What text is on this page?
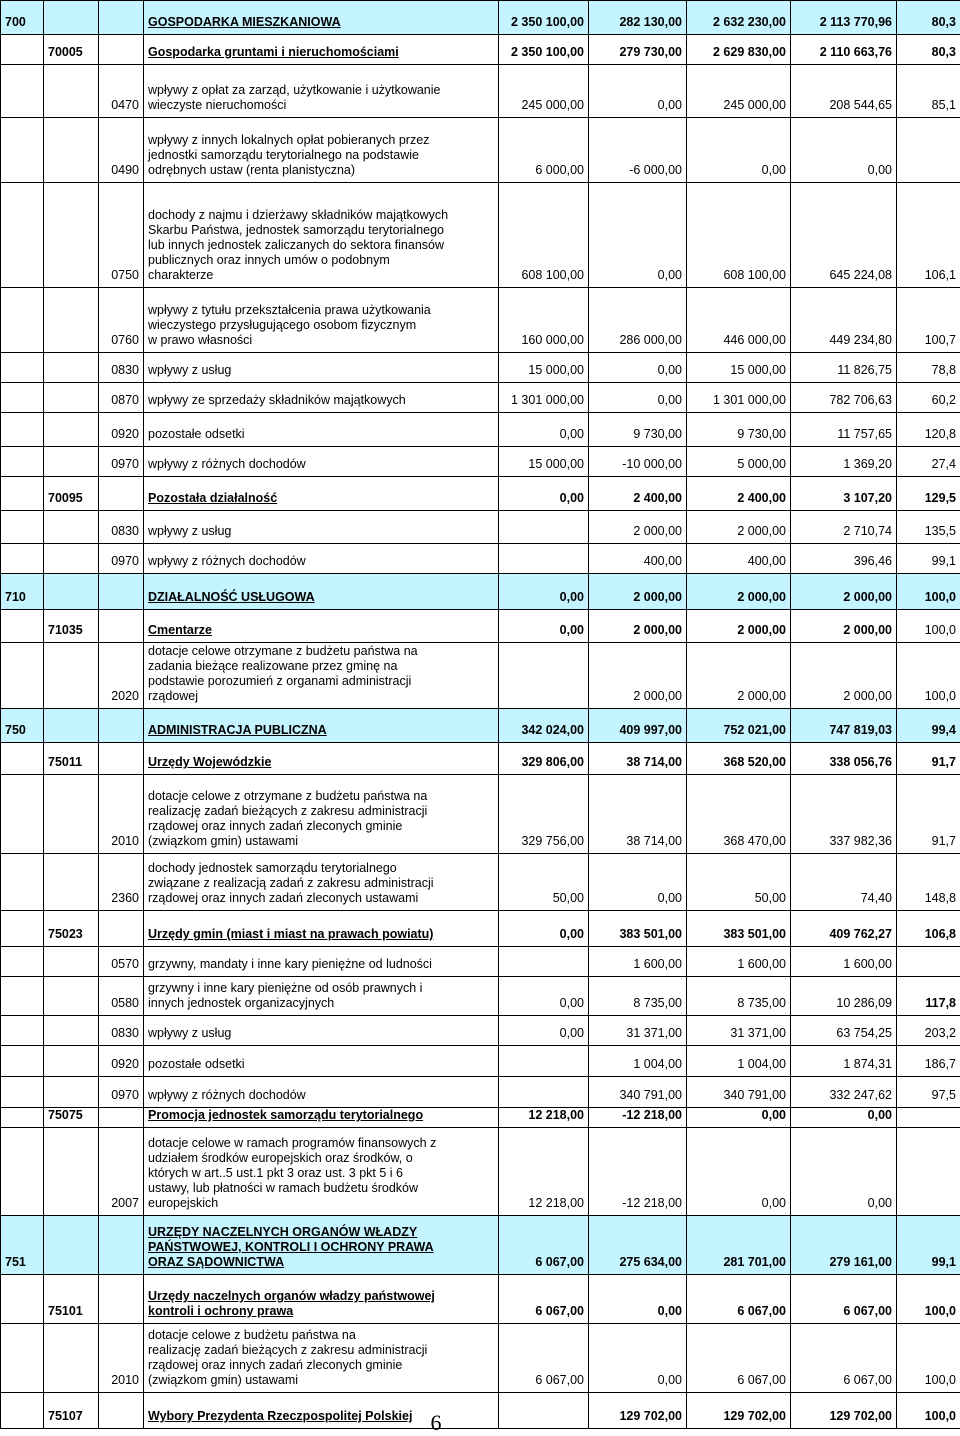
700			GOSPODARKA MIESZKANIOWA	2 350 100,00	282 130,00	2 632 230,00	2 113 770,96	80,3
	70005		Gospodarka gruntami i nieruchomościami	2 350 100,00	279 730,00	2 629 830,00	2 110 663,76	80,3
		0470	wpływy z opłat za zarząd, użytkowanie i użytkowanie
wieczyste nieruchomości	245 000,00	0,00	245 000,00	208 544,65	85,1
		0490	wpływy z innych lokalnych opłat pobieranych przez
jednostki samorządu terytorialnego na podstawie
odrębnych ustaw (renta planistyczna)	6 000,00	-6 000,00	0,00	0,00	
		0750	dochody z najmu i dzierżawy składników majątkowych
Skarbu Państwa, jednostek samorządu terytorialnego
lub innych jednostek zaliczanych do sektora finansów
publicznych oraz innych umów o podobnym
charakterze	608 100,00	0,00	608 100,00	645 224,08	106,1
		0760	wpływy z tytułu przekształcenia prawa użytkowania
wieczystego przysługującego osobom fizycznym
w prawo własności	160 000,00	286 000,00	446 000,00	449 234,80	100,7
		0830	wpływy z usług	15 000,00	0,00	15 000,00	11 826,75	78,8
		0870	wpływy ze sprzedaży składników majątkowych	1 301 000,00	0,00	1 301 000,00	782 706,63	60,2
		0920	pozostałe odsetki	0,00	9 730,00	9 730,00	11 757,65	120,8
		0970	wpływy z różnych dochodów	15 000,00	-10 000,00	5 000,00	1 369,20	27,4
	70095		Pozostała działalność	0,00	2 400,00	2 400,00	3 107,20	129,5
		0830	wpływy z usług		2 000,00	2 000,00	2 710,74	135,5
		0970	wpływy z różnych dochodów		400,00	400,00	396,46	99,1
710			DZIAŁALNOŚĆ USŁUGOWA	0,00	2 000,00	2 000,00	2 000,00	100,0
	71035		Cmentarze	0,00	2 000,00	2 000,00	2 000,00	100,0
		2020	dotacje celowe otrzymane z budżetu państwa na
zadania bieżące realizowane przez gminę na
podstawie porozumień z organami administracji
rządowej		2 000,00	2 000,00	2 000,00	100,0
750			ADMINISTRACJA PUBLICZNA	342 024,00	409 997,00	752 021,00	747 819,03	99,4
	75011		Urzędy Wojewódzkie	329 806,00	38 714,00	368 520,00	338 056,76	91,7
		2010	dotacje celowe z otrzymane z budżetu państwa na
realizację zadań bieżących z zakresu administracji
rządowej oraz innych zadań zleconych gminie
(związkom gmin) ustawami	329 756,00	38 714,00	368 470,00	337 982,36	91,7
		2360	dochody jednostek samorządu terytorialnego
związane z realizacją zadań z zakresu administracji
rządowej oraz innych zadań zleconych ustawami	50,00	0,00	50,00	74,40	148,8
	75023		Urzędy gmin (miast i miast na prawach powiatu)	0,00	383 501,00	383 501,00	409 762,27	106,8
		0570	grzywny, mandaty i inne kary pieniężne od ludności		1 600,00	1 600,00	1 600,00	
		0580	grzywny i inne kary pieniężne od osób prawnych i
innych jednostek organizacyjnych	0,00	8 735,00	8 735,00	10 286,09	117,8
		0830	wpływy z usług	0,00	31 371,00	31 371,00	63 754,25	203,2
		0920	pozostałe odsetki		1 004,00	1 004,00	1 874,31	186,7
		0970	wpływy z różnych dochodów		340 791,00	340 791,00	332 247,62	97,5
	75075		Promocja jednostek samorządu terytorialnego	12 218,00	-12 218,00	0,00	0,00	
		2007	dotacje celowe w ramach programów finansowych z
udziałem środków europejskich oraz środków, o
których w art..5 ust.1 pkt 3 oraz ust. 3 pkt 5 i 6
ustawy, lub płatności w ramach budżetu środków
europejskich	12 218,00	-12 218,00	0,00	0,00	
751			URZĘDY NACZELNYCH ORGANÓW WŁADZY
PAŃSTWOWEJ, KONTROLI I OCHRONY PRAWA
ORAZ SĄDOWNICTWA	6 067,00	275 634,00	281 701,00	279 161,00	99,1
	75101		Urzędy naczelnych organów władzy państwowej
kontroli i ochrony prawa	6 067,00	0,00	6 067,00	6 067,00	100,0
		2010	dotacje celowe z budżetu państwa na
realizację zadań bieżących z zakresu administracji
rządowej oraz innych zadań zleconych gminie
(związkom gmin) ustawami	6 067,00	0,00	6 067,00	6 067,00	100,0
	75107		Wybory Prezydenta Rzeczpospolitej Polskiej		129 702,00	129 702,00	129 702,00	100,0
6
